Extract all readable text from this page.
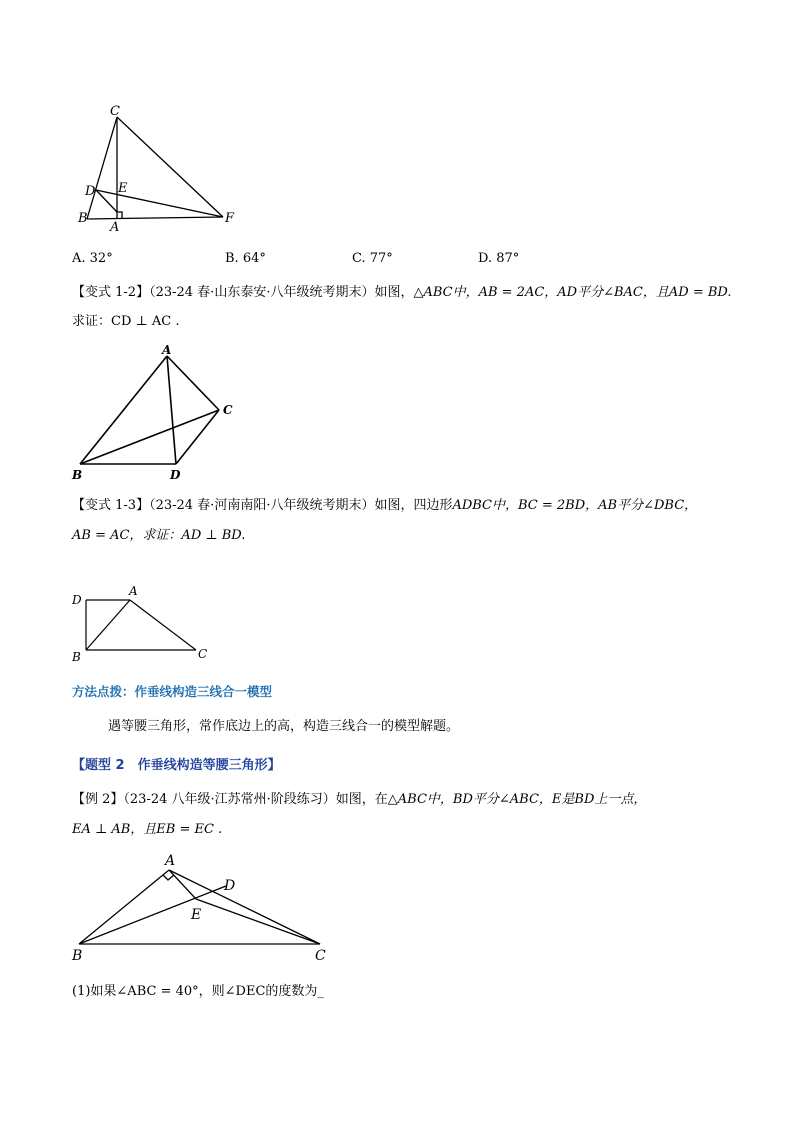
C
D E
B
A
F
A. 32°	B. 64°	C. 77°	D. 87°
【变式 1-2】（23-24 春·山东泰安·八年级统考期末）如图，△ABC中，AB = 2AC，AD平分∠BAC，且AD = BD.
求证：CD ⊥ AC .
A
C
B	D
【变式 1-3】（23-24 春·河南南阳·八年级统考期末）如图，四边形ADBC中，BC = 2BD，AB平分∠DBC，
AB = AC，求证：AD ⊥ BD.
D
A
B	C
方法点拨：作垂线构造三线合一模型
遇等腰三角形，常作底边上的高，构造三线合一的模型解题。
【题型 2　作垂线构造等腰三角形】
【例 2】（23-24 八年级·江苏常州·阶段练习）如图，在△ABC中，BD平分∠ABC，E是BD上一点，
EA ⊥ AB，且EB = EC .
A
D
E
B	C
(1)如果∠ABC = 40°，则∠DEC的度数为_
